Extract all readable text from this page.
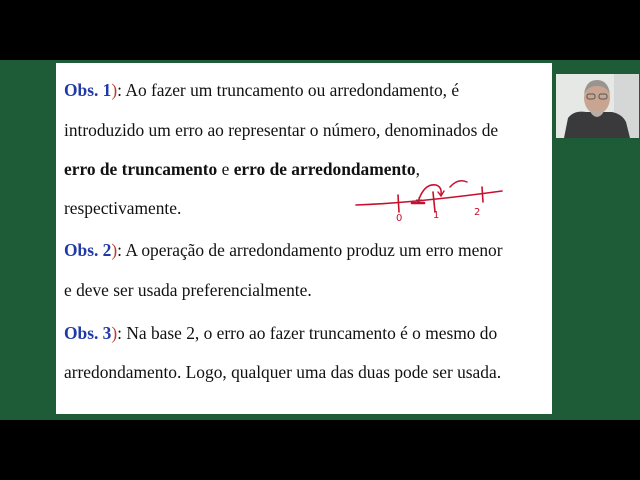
Obs. 1): Ao fazer um truncamento ou arredondamento, é
introduzido um erro ao representar o número, denominados de
erro de truncamento e erro de arredondamento,
respectivamente.
Obs. 2): A operação de arredondamento produz um erro menor
e deve ser usada preferencialmente.
Obs. 3): Na base 2, o erro ao fazer truncamento é o mesmo do
arredondamento. Logo, qualquer uma das duas pode ser usada.
0	1	2
